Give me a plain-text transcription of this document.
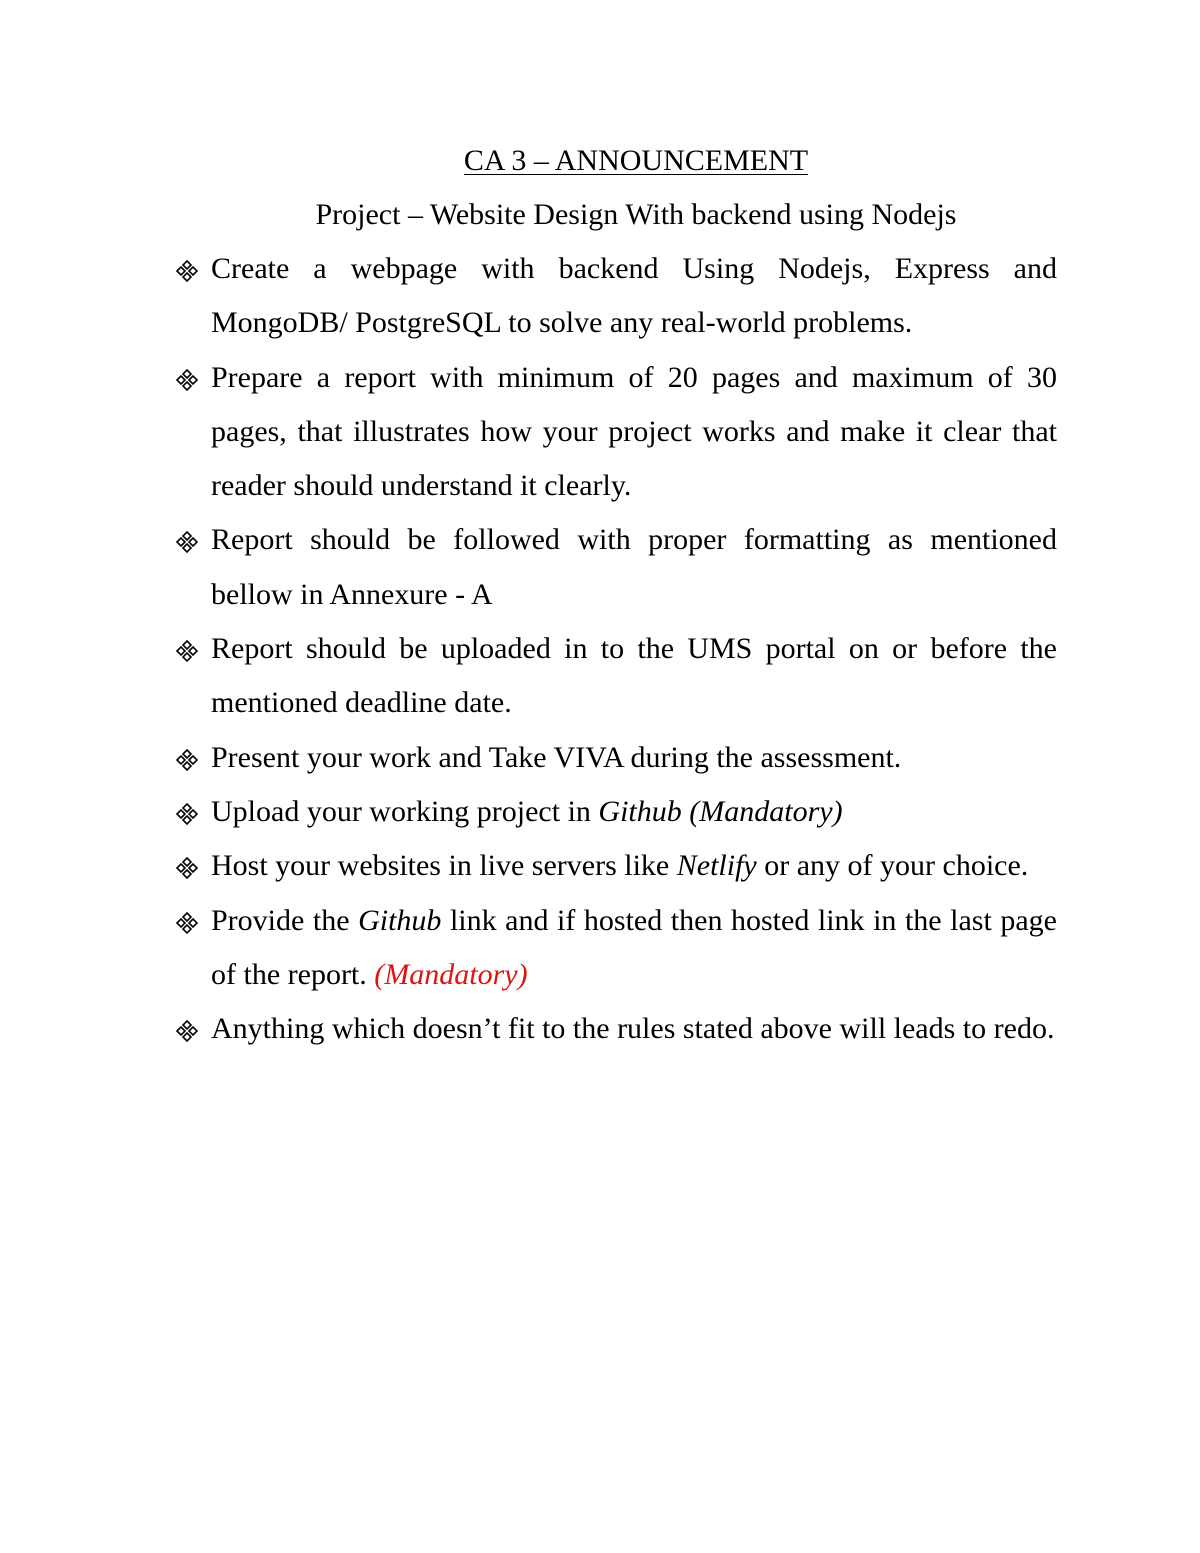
CA 3 – ANNOUNCEMENT
Project – Website Design With backend using Nodejs
Create a webpage with backend Using Nodejs, Express and MongoDB/ PostgreSQL to solve any real-world problems.
Prepare a report with minimum of 20 pages and maximum of 30 pages, that illustrates how your project works and make it clear that reader should understand it clearly.
Report should be followed with proper formatting as mentioned bellow in Annexure - A
Report should be uploaded in to the UMS portal on or before the mentioned deadline date.
Present your work and Take VIVA during the assessment.
Upload your working project in Github (Mandatory)
Host your websites in live servers like Netlify or any of your choice.
Provide the Github link and if hosted then hosted link in the last page of the report. (Mandatory)
Anything which doesn’t fit to the rules stated above will leads to redo.
